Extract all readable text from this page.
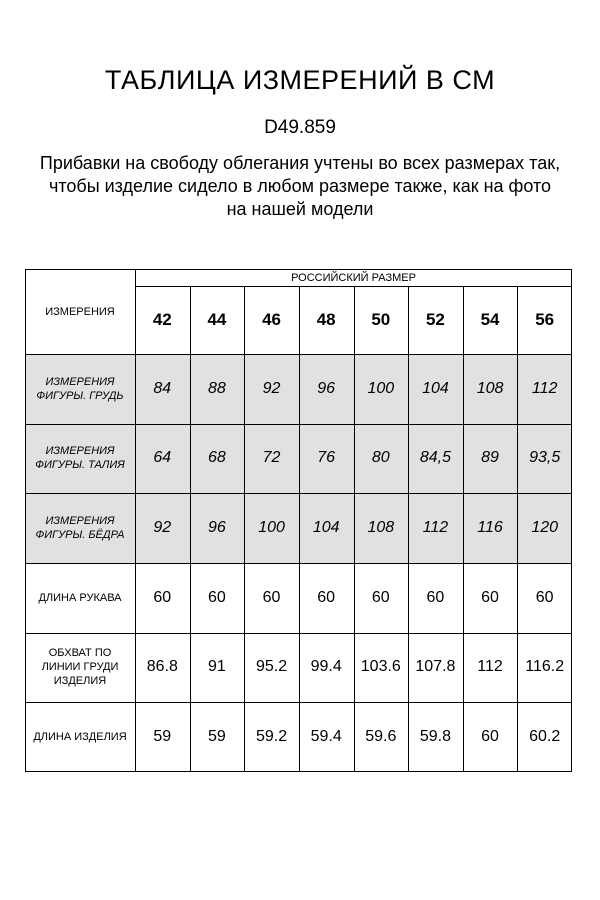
ТАБЛИЦА ИЗМЕРЕНИЙ В СМ
D49.859
Прибавки на свободу облегания учтены во всех размерах так,
чтобы изделие сидело в любом размере также, как на фото
на нашей модели
ИЗМЕРЕНИЯ
РОССИЙСКИЙ РАЗМЕР
42	44	46	48	50	52	54	56
ИЗМЕРЕНИЯ
ФИГУРЫ. ГРУДЬ	84	88	92	96	100	104	108	112
ИЗМЕРЕНИЯ
ФИГУРЫ. ТАЛИЯ	64	68	72	76	80	84,5	89	93,5
ИЗМЕРЕНИЯ
ФИГУРЫ. БЁДРА	92	96	100	104	108	112	116	120
ДЛИНА РУКАВА	60	60	60	60	60	60	60	60
ОБХВАТ ПО
ЛИНИИ ГРУДИ
ИЗДЕЛИЯ
86.8	91	95.2	99.4	103.6 107.8	112	116.2
ДЛИНА ИЗДЕЛИЯ	59	59	59.2	59.4	59.6	59.8	60	60.2
